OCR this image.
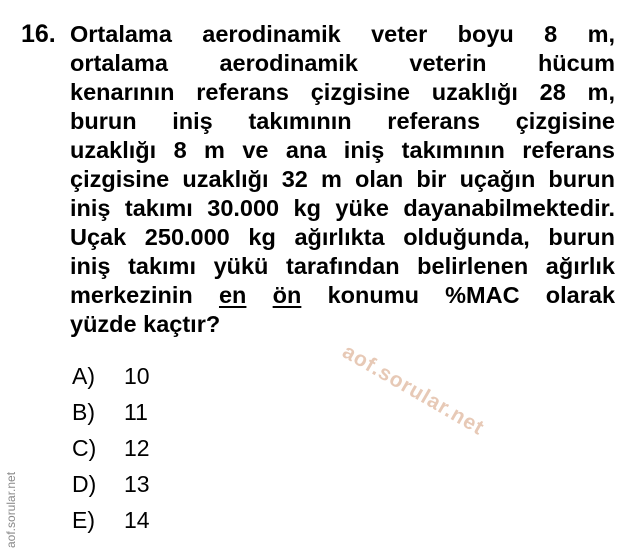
16. Ortalama aerodinamik veter boyu 8 m,
ortalama aerodinamik veterin hücum
kenarının referans çizgisine uzaklığı 28 m,
burun iniş takımının referans çizgisine
uzaklığı 8 m ve ana iniş takımının referans
çizgisine uzaklığı 32 m olan bir uçağın burun
iniş takımı 30.000 kg yüke dayanabilmektedir.
Uçak 250.000 kg ağırlıkta olduğunda, burun
iniş takımı yükü tarafından belirlenen ağırlık
merkezinin en ön konumu %MAC olarak
yüzde kaçtır?
aof.sorular.net
A) 10
B) 11
C) 12
D) 13
E) 14
aof.sorular.net
